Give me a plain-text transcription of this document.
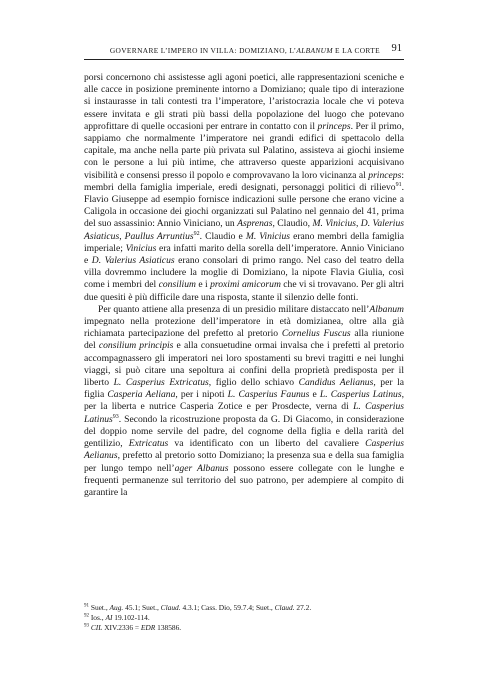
GOVERNARE L’IMPERO IN VILLA: DOMIZIANO, L’ALBANUM E LA CORTE 91

porsi concernono chi assistesse agli agoni poetici, alle rappresentazioni sceniche e alle cacce in posizione preminente intorno a Domiziano; quale tipo di interazione si instaurasse in tali contesti tra l’imperatore, l’aristocrazia locale che vi poteva essere invitata e gli strati più bassi della popolazione del luogo che potevano approfittare di quelle occasioni per entrare in contatto con il princeps. Per il primo, sappiamo che normalmente l’imperatore nei grandi edifici di spettacolo della capitale, ma anche nella parte più privata sul Palatino, assisteva ai giochi insieme con le persone a lui più intime, che attraverso queste apparizioni acquisivano visibilità e consensi presso il popolo e comprovavano la loro vicinanza al princeps: membri della famiglia imperiale, eredi designati, personaggi politici di rilievo$^{91}$. Flavio Giuseppe ad esempio fornisce indicazioni sulle persone che erano vicine a Caligola in occasione dei giochi organizzati sul Palatino nel gennaio del 41, prima del suo assassinio: Annio Viniciano, un Asprenas, Claudio, M. Vinicius, D. Valerius Asiaticus, Paullus Arruntius$^{92}$. Claudio e M. Vinicius erano membri della famiglia imperiale; Vinicius era infatti marito della sorella dell’imperatore. Annio Viniciano e D. Valerius Asiaticus erano consolari di primo rango. Nel caso del teatro della villa dovremmo includere la moglie di Domiziano, la nipote Flavia Giulia, così come i membri del consilium e i proximi amicorum che vi si trovavano. Per gli altri due quesiti è più difficile dare una risposta, stante il silenzio delle fonti.

Per quanto attiene alla presenza di un presidio militare distaccato nell’Albanum impegnato nella protezione dell’imperatore in età domizianea, oltre alla già richiamata partecipazione del prefetto al pretorio Cornelius Fuscus alla riunione del consilium principis e alla consuetudine ormai invalsa che i prefetti al pretorio accompagnassero gli imperatori nei loro spostamenti su brevi tragitti e nei lunghi viaggi, si può citare una sepoltura ai confini della proprietà predisposta per il liberto L. Casperius Extricatus, figlio dello schiavo Candidus Aelianus, per la figlia Casperia Aeliana, per i nipoti L. Casperius Faunus e L. Casperius Latinus, per la liberta e nutrice Casperia Zotice e per Prosdecte, verna di L. Casperius Latinus$^{93}$. Secondo la ricostruzione proposta da G. Di Giacomo, in considerazione del doppio nome servile del padre, del cognome della figlia e della rarità del gentilizio, Extricatus va identificato con un liberto del cavaliere Casperius Aelianus, prefetto al pretorio sotto Domiziano; la presenza sua e della sua famiglia per lungo tempo nell’ager Albanus possono essere collegate con le lunghe e frequenti permanenze sul territorio del suo patrono, per adempiere al compito di garantire la

$^{91}$ Suet., Aug. 45.1; Suet., Claud. 4.3.1; Cass. Dio, 59.7.4; Suet., Claud. 27.2.
$^{92}$ Ios., AI 19.102-114.
$^{93}$ CIL XIV.2336 = EDR 138586.
